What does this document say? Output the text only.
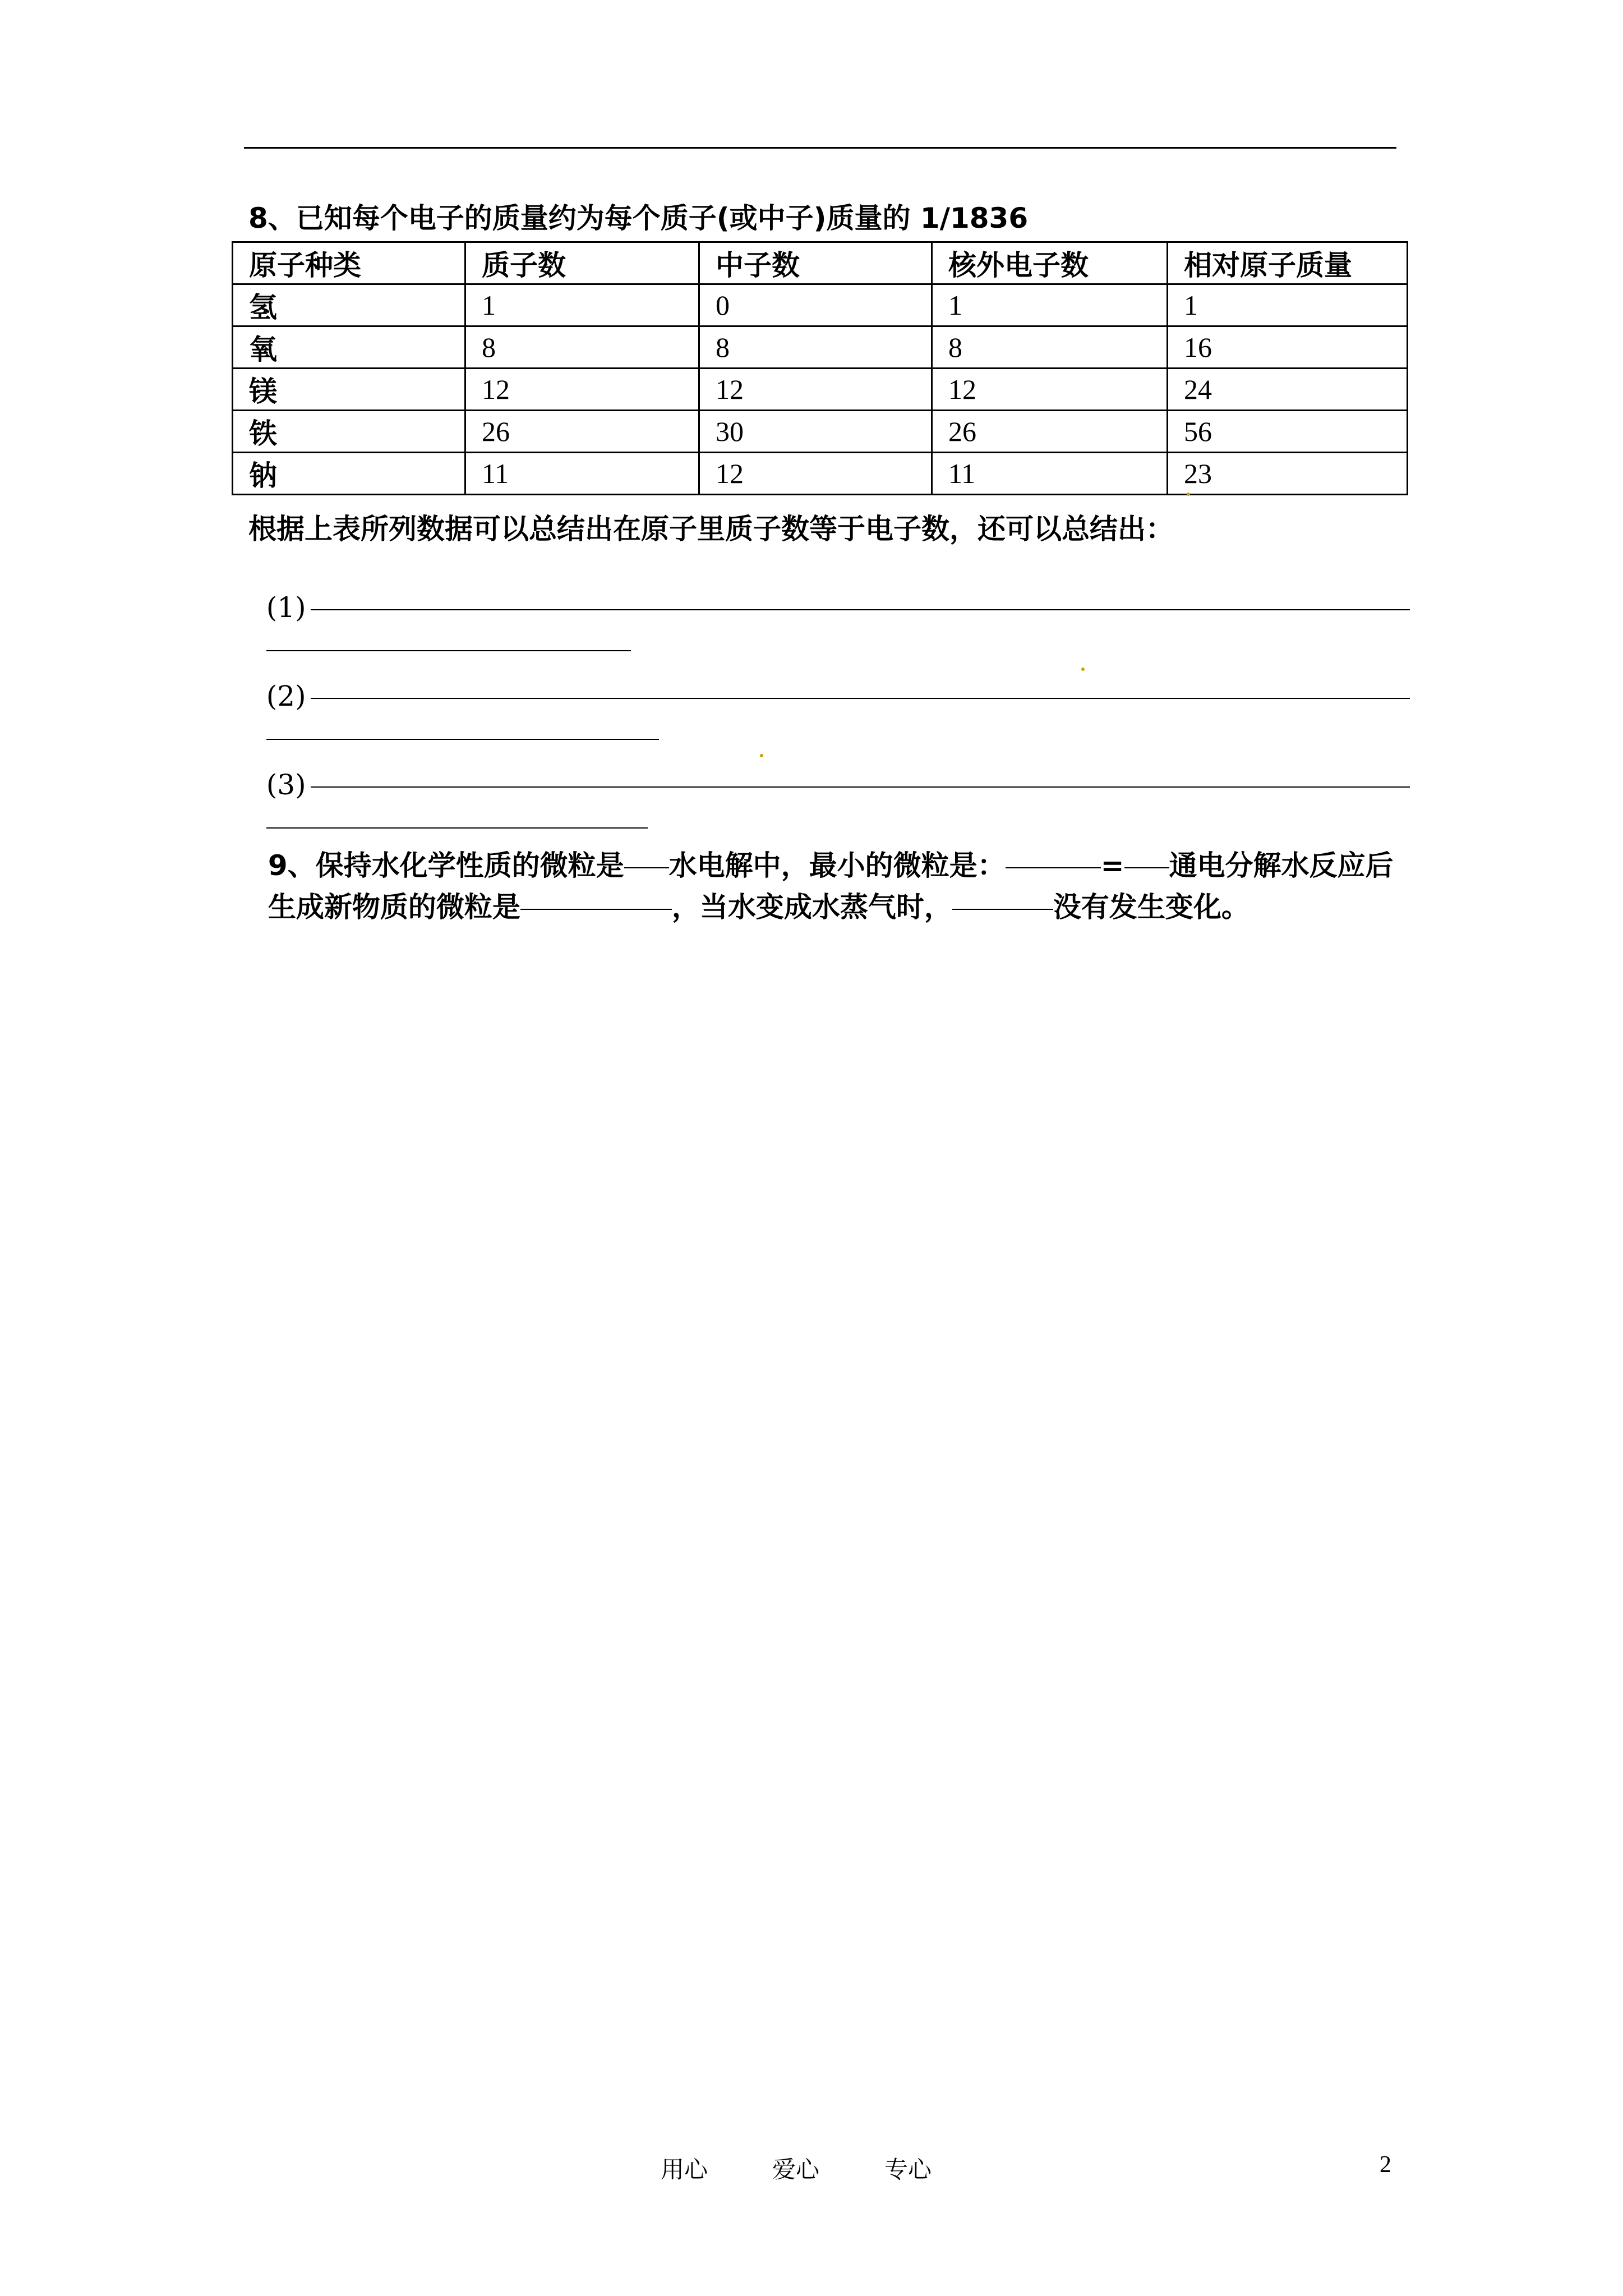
8、已知每个电子的质量约为每个质子(或中子)质量的 1/1836
原子种类	质子数	中子数	核外电子数	相对原子质量
氢	1	0	1	1
氧	8	8	8	16
镁	12	12	12	24
铁	26	30	26	56
钠	11	12	11	23
根据上表所列数据可以总结出在原子里质子数等于电子数，还可以总结出：

(1)

(2)

(3)

9、保持水化学性质的微粒是 水电解中，最小的微粒是：	= 通电分解水反应后

生成新物质的微粒是	，当水变成水蒸气时，	没有发生变化。

用心	爱心	专心	2
